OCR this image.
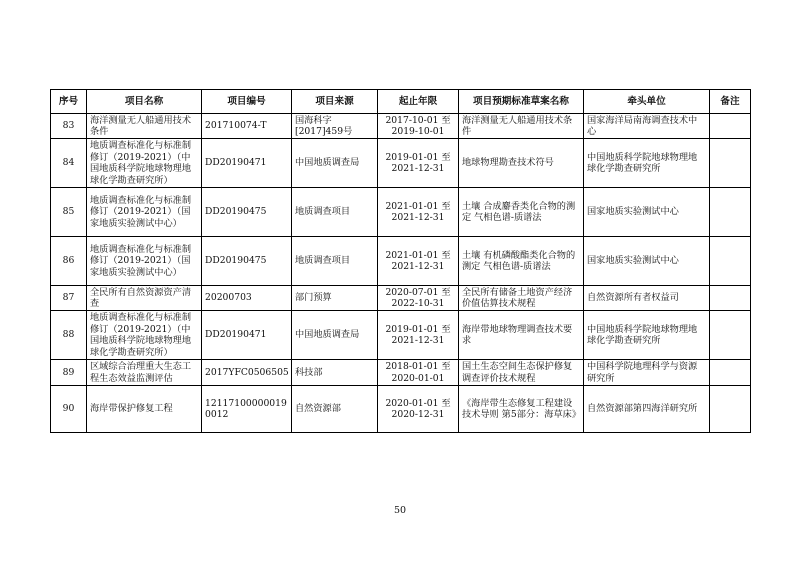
序号	项目名称	项目编号	项目来源	起止年限	项目预期标准草案名称	牵头单位	备注
83	海洋测量无人船通用技术条件	201710074-T	国海科字[2017]459号	2017-10-01 至 2019-10-01	海洋测量无人船通用技术条件	国家海洋局南海调查技术中心	
84	地质调查标准化与标准制修订（2019-2021）（中国地质科学院地球物理地球化学勘查研究所）	DD20190471	中国地质调查局	2019-01-01 至 2021-12-31	地球物理勘查技术符号	中国地质科学院地球物理地球化学勘查研究所	
85	地质调查标准化与标准制修订（2019-2021）（国家地质实验测试中心）	DD20190475	地质调查项目	2021-01-01 至 2021-12-31	土壤 合成麝香类化合物的测定 气相色谱-质谱法	国家地质实验测试中心	
86	地质调查标准化与标准制修订（2019-2021）（国家地质实验测试中心）	DD20190475	地质调查项目	2021-01-01 至 2021-12-31	土壤 有机磷酸酯类化合物的测定 气相色谱-质谱法	国家地质实验测试中心	
87	全民所有自然资源资产清查	20200703	部门预算	2020-07-01 至 2022-10-31	全民所有储备土地资产经济价值估算技术规程	自然资源所有者权益司	
88	地质调查标准化与标准制修订（2019-2021）（中国地质科学院地球物理地球化学勘查研究所）	DD20190471	中国地质调查局	2019-01-01 至 2021-12-31	海岸带地球物理调查技术要求	中国地质科学院地球物理地球化学勘查研究所	
89	区域综合治理重大生态工程生态效益监测评估	2017YFC0506505	科技部	2018-01-01 至 2020-01-01	国土生态空间生态保护修复调查评价技术规程	中国科学院地理科学与资源研究所	
90	海岸带保护修复工程	121171000000190012	自然资源部	2020-01-01 至 2020-12-31	《海岸带生态修复工程建设技术导则 第5部分：海草床》	自然资源部第四海洋研究所	
50
